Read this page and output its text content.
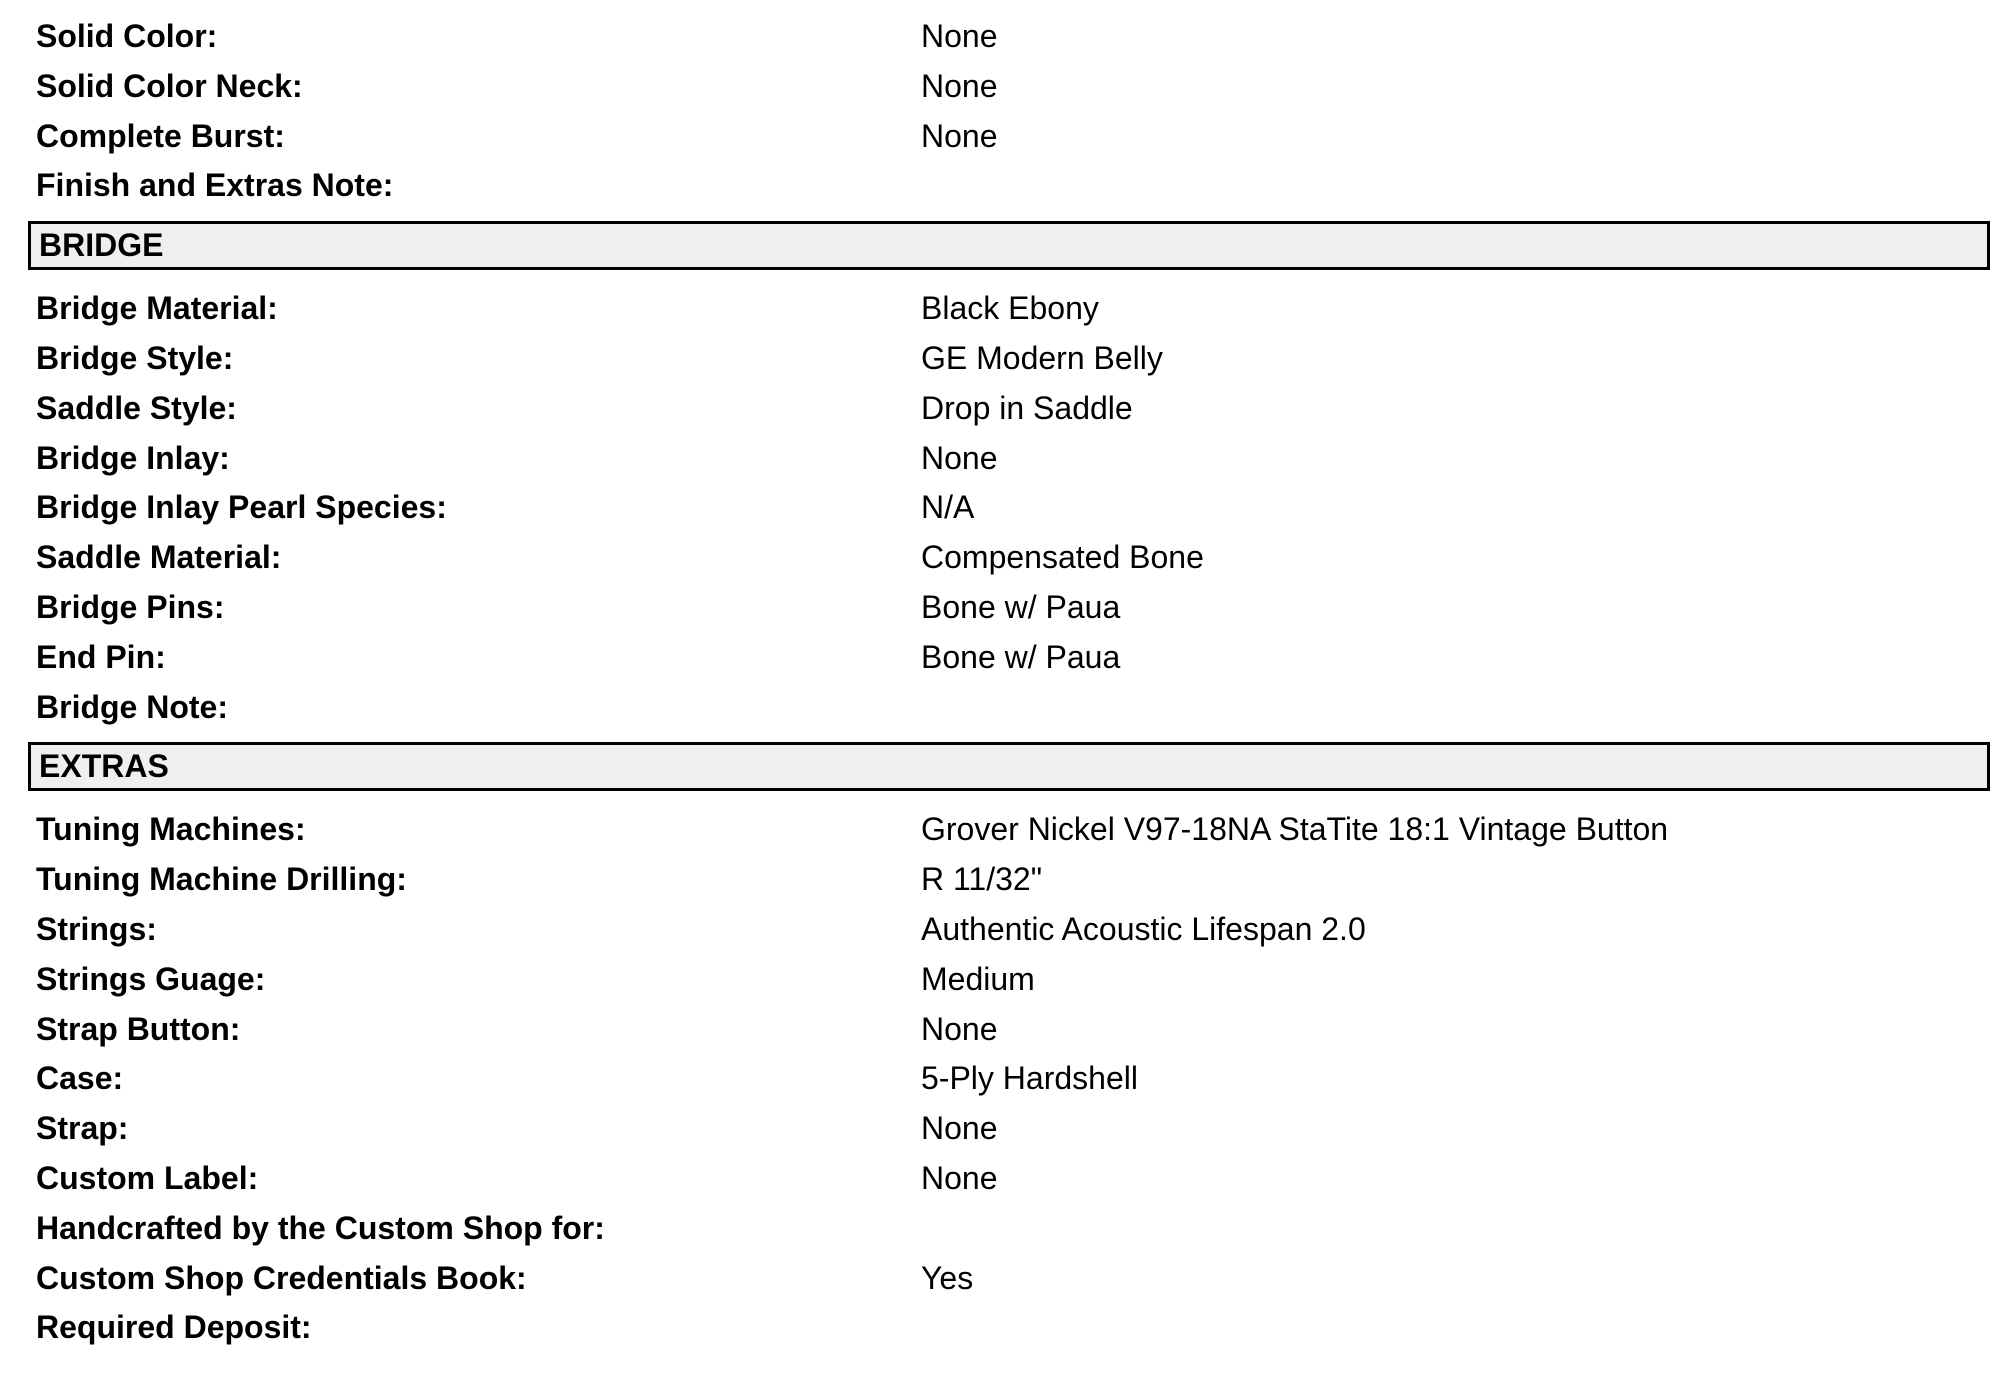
Solid Color:	None
Solid Color Neck:	None
Complete Burst:	None
Finish and Extras Note:
BRIDGE
Bridge Material:	Black Ebony
Bridge Style:	GE Modern Belly
Saddle Style:	Drop in Saddle
Bridge Inlay:	None
Bridge Inlay Pearl Species:	N/A
Saddle Material:	Compensated Bone
Bridge Pins:	Bone w/ Paua
End Pin:	Bone w/ Paua
Bridge Note:
EXTRAS
Tuning Machines:	Grover Nickel V97-18NA StaTite 18:1 Vintage Button
Tuning Machine Drilling:	R 11/32"
Strings:	Authentic Acoustic Lifespan 2.0
Strings Guage:	Medium
Strap Button:	None
Case:	5-Ply Hardshell
Strap:	None
Custom Label:	None
Handcrafted by the Custom Shop for:
Custom Shop Credentials Book:	Yes
Required Deposit:
